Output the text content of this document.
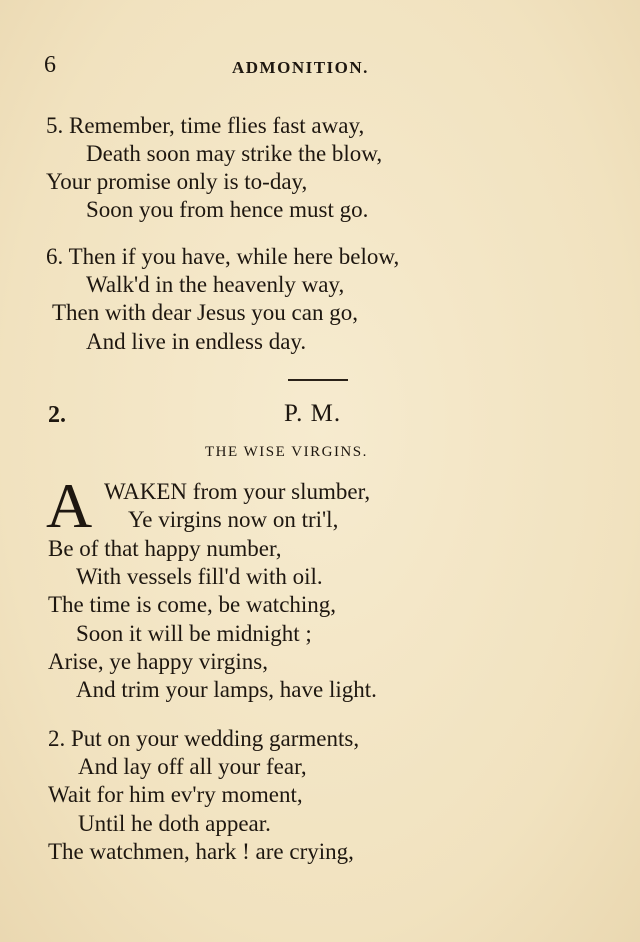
6	ADMONITION.
5. Remember, time flies fast away,
Death soon may strike the blow,
Your promise only is to-day,
Soon you from hence must go.
6. Then if you have, while here below,
Walk'd in the heavenly way,
Then with dear Jesus you can go,
And live in endless day.
2.	P. M.
THE WISE VIRGINS.
A WAKEN from your slumber,
Ye virgins now on tri'l,
Be of that happy number,
With vessels fill'd with oil.
The time is come, be watching,
Soon it will be midnight ;
Arise, ye happy virgins,
And trim your lamps, have light.
2. Put on your wedding garments,
And lay off all your fear,
Wait for him ev'ry moment,
Until he doth appear.
The watchmen, hark ! are crying,
